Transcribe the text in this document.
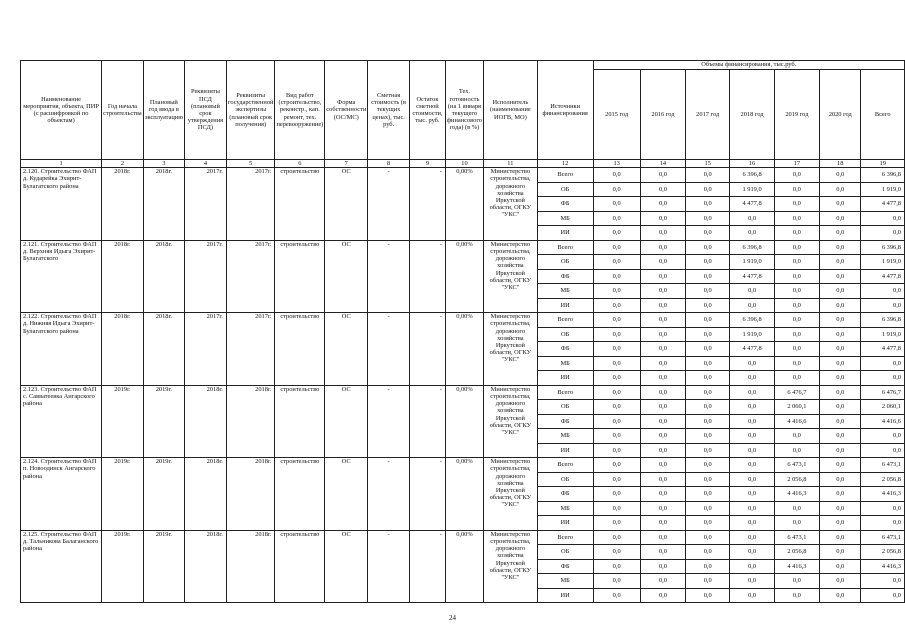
Наименование мероприятия, объекта, ПИР (с расшифровкой по объектам)	Год начала строительства	Плановый год ввода в эксплуатацию	Реквизиты ПСД (плановый срок утверждения ПСД)	Реквизиты государственной экспертизы (плановый срок получения)	Вид работ (строительство, реконстр., кап. ремонт, тех. перевооружение)	Форма собственности (ОС/МС)	Сметная стоимость (в текущих ценах), тыс. руб.	Остаток сметной стоимости, тыс. руб.	Тех. готовность (на 1 января текущего финансового года) (в %)	Исполнитель (наименование ИОГВ, МО)	Источники финансирования	Объемы финансирования, тыс.руб.						
												2015 год	2016 год	2017 год	2018 год	2019 год	2020 год	Всего
1	2	3	4	5	6	7	8	9	10	11	12	13	14	15	16	17	18	19
2.120. Строительство ФАП д. Кударейка Эхирит-Булагатского района	2018г.	2018г.	2017г.	2017г.	строительство	ОС	-	-	0,00%	Министерство строительства, дорожного хозяйства Иркутской области, ОГКУ "УКС"	Всего	0,0	0,0	0,0	6 396,8	0,0	0,0	6 396,8
											ОБ	0,0	0,0	0,0	1 919,0	0,0	0,0	1 919,0
											ФБ	0,0	0,0	0,0	4 477,8	0,0	0,0	4 477,8
											МБ	0,0	0,0	0,0	0,0	0,0	0,0	0,0
											ИИ	0,0	0,0	0,0	0,0	0,0	0,0	0,0
2.121. Строительство ФАП д. Верхняя Идыга Эхирит-Булагатского	2018г.	2018г.	2017г.	2017г.	строительство	ОС	-	-	0,00%	Министерство строительства, дорожного хозяйства Иркутской области, ОГКУ "УКС"	Всего	0,0	0,0	0,0	6 396,8	0,0	0,0	6 396,8
											ОБ	0,0	0,0	0,0	1 919,0	0,0	0,0	1 919,0
											ФБ	0,0	0,0	0,0	4 477,8	0,0	0,0	4 477,8
											МБ	0,0	0,0	0,0	0,0	0,0	0,0	0,0
											ИИ	0,0	0,0	0,0	0,0	0,0	0,0	0,0
2.122. Строительство ФАП д. Нижняя Идыга Эхирит-Булагатского района	2018г.	2018г.	2017г.	2017г.	строительство	ОС	-	-	0,00%	Министерство строительства, дорожного хозяйства Иркутской области, ОГКУ "УКС"	Всего	0,0	0,0	0,0	6 396,8	0,0	0,0	6 396,8
											ОБ	0,0	0,0	0,0	1 919,0	0,0	0,0	1 919,0
											ФБ	0,0	0,0	0,0	4 477,8	0,0	0,0	4 477,8
											МБ	0,0	0,0	0,0	0,0	0,0	0,0	0,0
											ИИ	0,0	0,0	0,0	0,0	0,0	0,0	0,0
2.123. Строительство ФАП с. Савватеевка Ангарского района	2019г.	2019г.	2018г.	2018г.	строительство	ОС	-	-	0,00%	Министерство строительства, дорожного хозяйства Иркутской области, ОГКУ "УКС"	Всего	0,0	0,0	0,0	0,0	6 476,7	0,0	6 476,7
											ОБ	0,0	0,0	0,0	0,0	2 060,1	0,0	2 060,1
											ФБ	0,0	0,0	0,0	0,0	4 416,6	0,0	4 416,6
											МБ	0,0	0,0	0,0	0,0	0,0	0,0	0,0
											ИИ	0,0	0,0	0,0	0,0	0,0	0,0	0,0
2.124. Строительство ФАП п. Новоодинск Ангарского района	2019г.	2019г.	2018г.	2018г.	строительство	ОС	-	-	0,00%	Министерство строительства, дорожного хозяйства Иркутской области, ОГКУ "УКС"	Всего	0,0	0,0	0,0	0,0	6 473,1	0,0	6 473,1
											ОБ	0,0	0,0	0,0	0,0	2 056,8	0,0	2 056,8
											ФБ	0,0	0,0	0,0	0,0	4 416,3	0,0	4 416,3
											МБ	0,0	0,0	0,0	0,0	0,0	0,0	0,0
											ИИ	0,0	0,0	0,0	0,0	0,0	0,0	0,0
2.125. Строительство ФАП д. Тальникова Балаганского района	2019г.	2019г.	2018г.	2018г.	строительство	ОС	-	-	0,00%	Министерство строительства, дорожного хозяйства Иркутской области, ОГКУ "УКС"	Всего	0,0	0,0	0,0	0,0	6 473,1	0,0	6 473,1
											ОБ	0,0	0,0	0,0	0,0	2 056,8	0,0	2 056,8
											ФБ	0,0	0,0	0,0	0,0	4 416,3	0,0	4 416,3
											МБ	0,0	0,0	0,0	0,0	0,0	0,0	0,0
											ИИ	0,0	0,0	0,0	0,0	0,0	0,0	0,0
24
